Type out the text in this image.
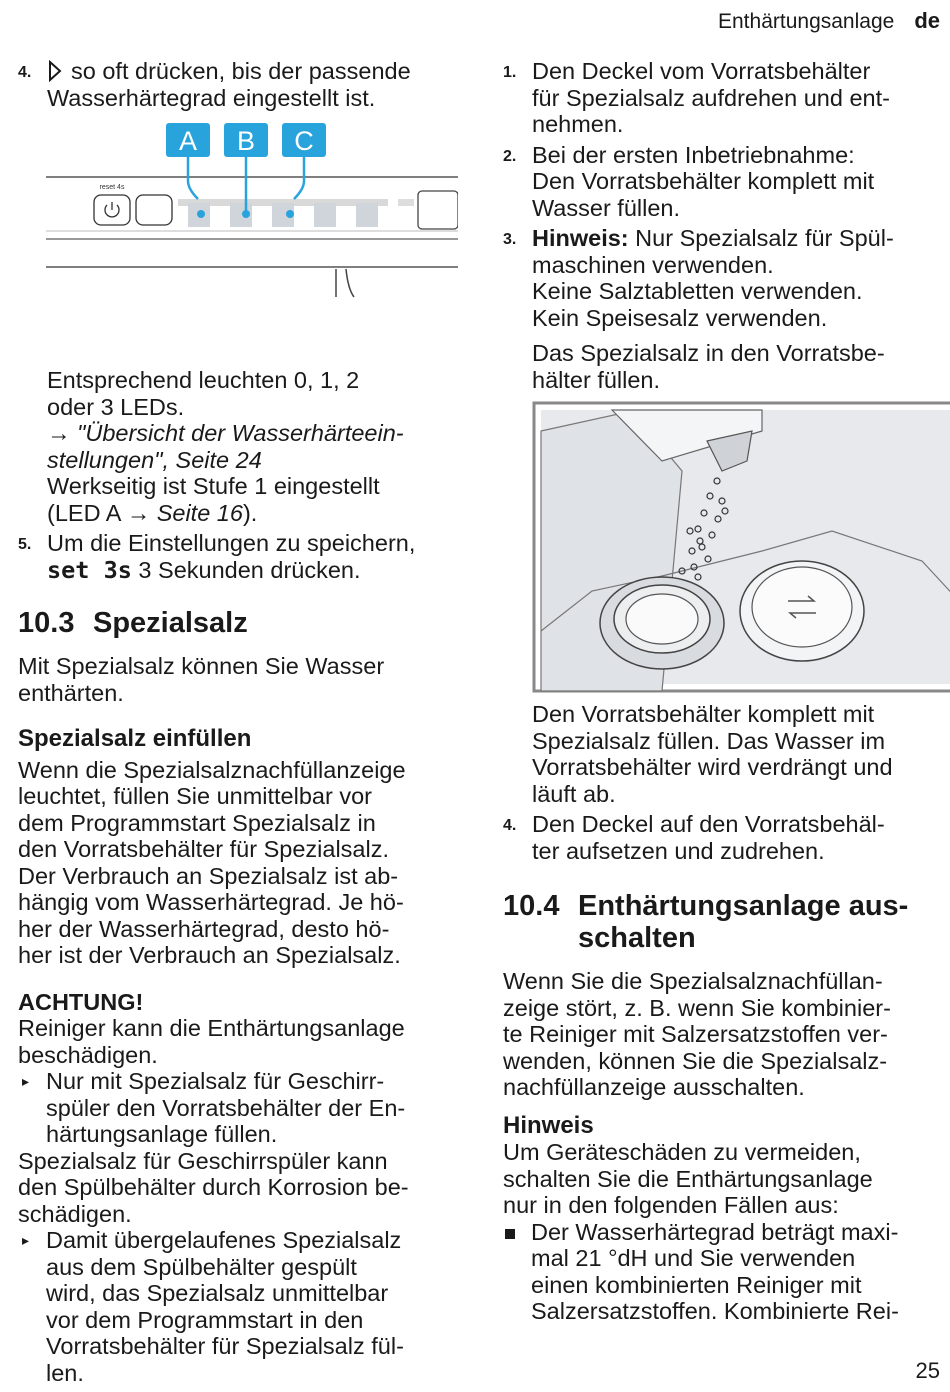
Enthärtungsanlage de
4.	so oft drücken, bis der passende
Wasserhärtegrad eingestellt ist.
A B C
reset 4s
Entsprechend leuchten 0, 1, 2
oder 3 LEDs.
→ "Übersicht der Wasserhärteein-
stellungen", Seite 24
Werkseitig ist Stufe 1 eingestellt
(LED A → Seite 16).
5. Um die Einstellungen zu speichern,
set 3s 3 Sekunden drücken.
10.3 Spezialsalz
Mit Spezialsalz können Sie Wasser
enthärten.
Spezialsalz einfüllen
Wenn die Spezialsalznachfüllanzeige
leuchtet, füllen Sie unmittelbar vor
dem Programmstart Spezialsalz in
den Vorratsbehälter für Spezialsalz.
Der Verbrauch an Spezialsalz ist ab-
hängig vom Wasserhärtegrad. Je hö-
her der Wasserhärtegrad, desto hö-
her ist der Verbrauch an Spezialsalz.
ACHTUNG!
Reiniger kann die Enthärtungsanlage
beschädigen.
▸ Nur mit Spezialsalz für Geschirr-
spüler den Vorratsbehälter der En-
härtungsanlage füllen.
Spezialsalz für Geschirrspüler kann
den Spülbehälter durch Korrosion be-
schädigen.
▸ Damit übergelaufenes Spezialsalz
aus dem Spülbehälter gespült
wird, das Spezialsalz unmittelbar
vor dem Programmstart in den
Vorratsbehälter für Spezialsalz fül-
len.
1. Den Deckel vom Vorratsbehälter
für Spezialsalz aufdrehen und ent-
nehmen.
2. Bei der ersten Inbetriebnahme:
Den Vorratsbehälter komplett mit
Wasser füllen.
3. Hinweis: Nur Spezialsalz für Spül-
maschinen verwenden.
Keine Salztabletten verwenden.
Kein Speisesalz verwenden.
Das Spezialsalz in den Vorratsbe-
hälter füllen.
Den Vorratsbehälter komplett mit
Spezialsalz füllen. Das Wasser im
Vorratsbehälter wird verdrängt und
läuft ab.
4. Den Deckel auf den Vorratsbehäl-
ter aufsetzen und zudrehen.
10.4 Enthärtungsanlage aus-
schalten
Wenn Sie die Spezialsalznachfüllan-
zeige stört, z. B. wenn Sie kombinier-
te Reiniger mit Salzersatzstoffen ver-
wenden, können Sie die Spezialsalz-
nachfüllanzeige ausschalten.
Hinweis
Um Geräteschäden zu vermeiden,
schalten Sie die Enthärtungsanlage
nur in den folgenden Fällen aus:
Der Wasserhärtegrad beträgt maxi-
mal 21 °dH und Sie verwenden
einen kombinierten Reiniger mit
Salzersatzstoffen. Kombinierte Rei-
25
